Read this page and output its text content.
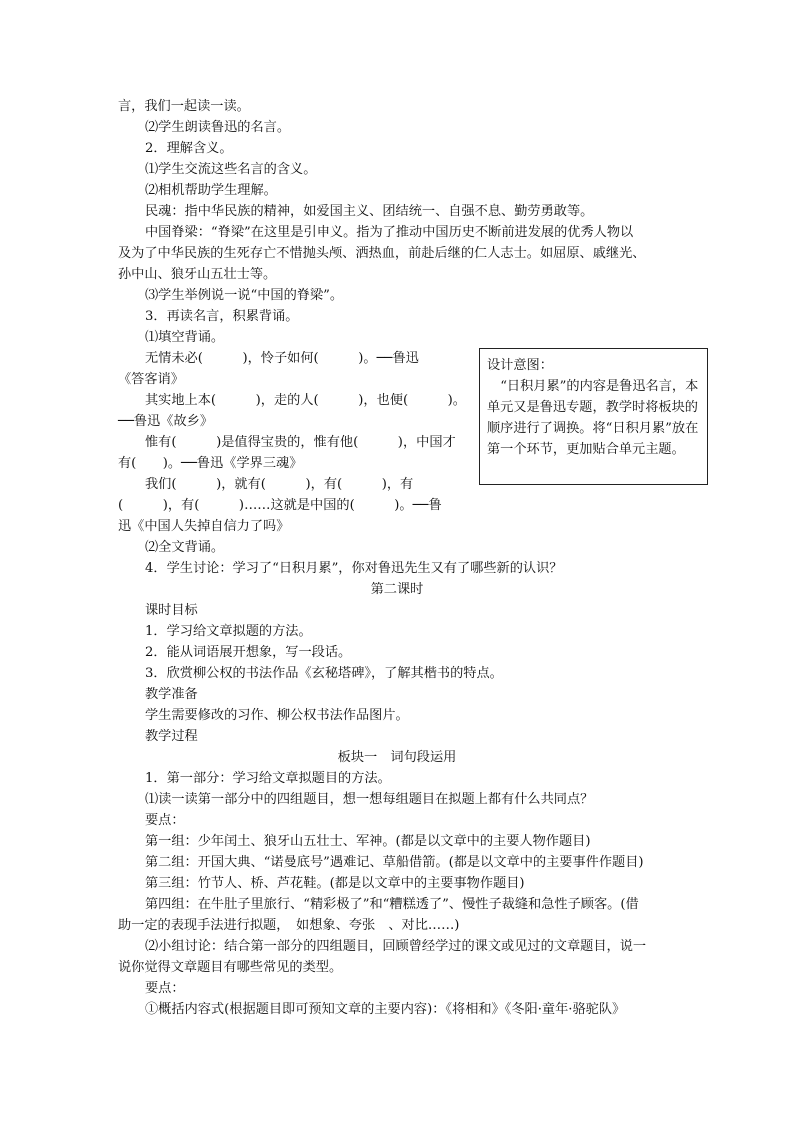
言，我们一起读一读。
⑵学生朗读鲁迅的名言。
2．理解含义。
⑴学生交流这些名言的含义。
⑵相机帮助学生理解。
民魂：指中华民族的精神，如爱国主义、团结统一、自强不息、勤劳勇敢等。
中国脊梁：“脊梁”在这里是引申义。指为了推动中国历史不断前进发展的优秀人物以
及为了中华民族的生死存亡不惜抛头颅、洒热血，前赴后继的仁人志士。如屈原、戚继光、
孙中山、狼牙山五壮士等。
⑶学生举例说一说“中国的脊梁”。
3．再读名言，积累背诵。
⑴填空背诵。
无情未必(　　　)，怜子如何(　　　)。──鲁迅
《答客诮》
其实地上本(　　　)，走的人(　　　)，也便(　　　)。
──鲁迅《故乡》
惟有(　　　)是值得宝贵的，惟有他(　　　)，中国才
有(　　)。──鲁迅《学界三魂》
我们(　　　)，就有(　　　)，有(　　　)，有
(　　　)，有(　　　)……这就是中国的(　　　)。──鲁
迅《中国人失掉自信力了吗》
⑵全文背诵。
4．学生讨论：学习了“日积月累”，你对鲁迅先生又有了哪些新的认识？
第二课时
课时目标
1．学习给文章拟题的方法。
2．能从词语展开想象，写一段话。
3．欣赏柳公权的书法作品《玄秘塔碑》，了解其楷书的特点。
教学准备
学生需要修改的习作、柳公权书法作品图片。
教学过程
板块一　词句段运用
1．第一部分：学习给文章拟题目的方法。
⑴读一读第一部分中的四组题目，想一想每组题目在拟题上都有什么共同点？
要点：
第一组：少年闰土、狼牙山五壮士、军神。(都是以文章中的主要人物作题目)
第二组：开国大典、“诺曼底号”遇难记、草船借箭。(都是以文章中的主要事件作题目)
第三组：竹节人、桥、芦花鞋。(都是以文章中的主要事物作题目)
第四组：在牛肚子里旅行、“精彩极了”和“糟糕透了”、慢性子裁缝和急性子顾客。(借
助一定的表现手法进行拟题，　如想象、夸张　、对比……)
⑵小组讨论：结合第一部分的四组题目，回顾曾经学过的课文或见过的文章题目，说一
说你觉得文章题目有哪些常见的类型。
要点：
①概括内容式(根据题目即可预知文章的主要内容)：《将相和》《冬阳·童年·骆驼队》
设计意图：
“日积月累”的内容是鲁迅名言，本单元又是鲁迅专题，教学时将板块的顺序进行了调换。将“日积月累”放在第一个环节，更加贴合单元主题。
